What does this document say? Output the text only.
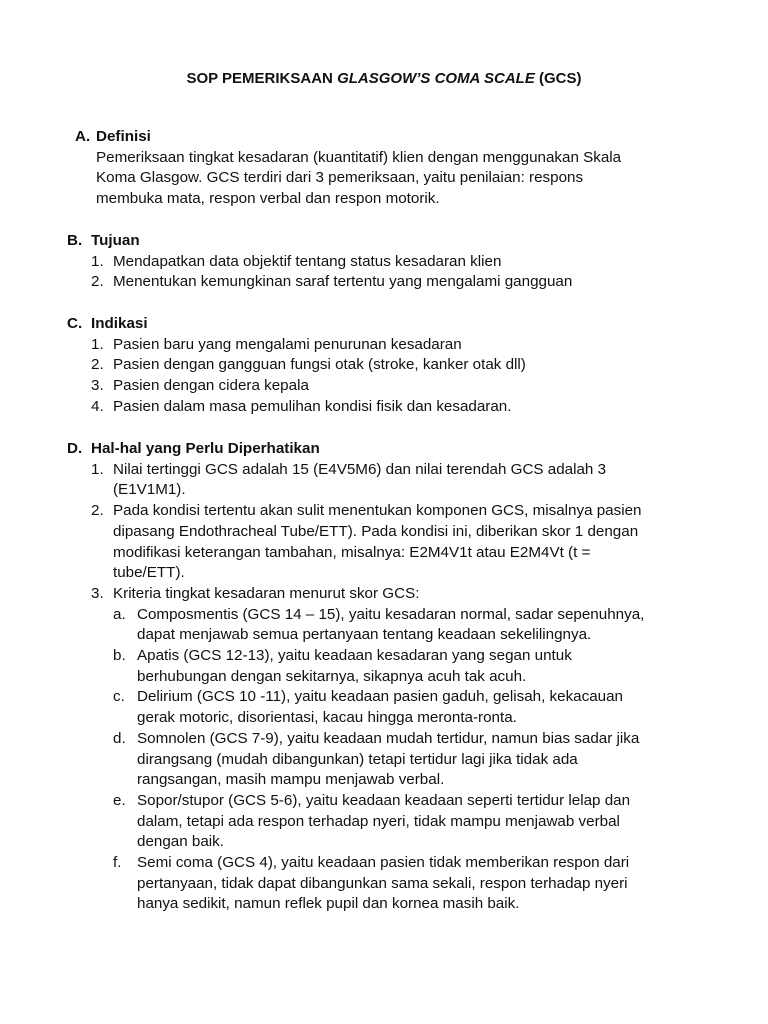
SOP PEMERIKSAAN GLASGOW’S COMA SCALE (GCS)
A. Definisi
Pemeriksaan tingkat kesadaran (kuantitatif) klien dengan menggunakan Skala
Koma Glasgow. GCS terdiri dari 3 pemeriksaan, yaitu penilaian: respons
membuka mata, respon verbal dan respon motorik.
B. Tujuan
1. Mendapatkan data objektif tentang status kesadaran klien
2. Menentukan kemungkinan saraf tertentu yang mengalami gangguan
C. Indikasi
1. Pasien baru yang mengalami penurunan kesadaran
2. Pasien dengan gangguan fungsi otak (stroke, kanker otak dll)
3. Pasien dengan cidera kepala
4. Pasien dalam masa pemulihan kondisi fisik dan kesadaran.
D. Hal-hal yang Perlu Diperhatikan
1. Nilai tertinggi GCS adalah 15 (E4V5M6) dan nilai terendah GCS adalah 3
(E1V1M1).
2. Pada kondisi tertentu akan sulit menentukan komponen GCS, misalnya pasien
dipasang Endothracheal Tube/ETT). Pada kondisi ini, diberikan skor 1 dengan
modifikasi keterangan tambahan, misalnya: E2M4V1t atau E2M4Vt (t =
tube/ETT).
3. Kriteria tingkat kesadaran menurut skor GCS:
a. Composmentis (GCS 14 – 15), yaitu kesadaran normal, sadar sepenuhnya,
dapat menjawab semua pertanyaan tentang keadaan sekelilingnya.
b. Apatis (GCS 12-13), yaitu keadaan kesadaran yang segan untuk
berhubungan dengan sekitarnya, sikapnya acuh tak acuh.
c. Delirium (GCS 10 -11), yaitu keadaan pasien gaduh, gelisah, kekacauan
gerak motoric, disorientasi, kacau hingga meronta-ronta.
d. Somnolen (GCS 7-9), yaitu keadaan mudah tertidur, namun bias sadar jika
dirangsang (mudah dibangunkan) tetapi tertidur lagi jika tidak ada
rangsangan, masih mampu menjawab verbal.
e. Sopor/stupor (GCS 5-6), yaitu keadaan keadaan seperti tertidur lelap dan
dalam, tetapi ada respon terhadap nyeri, tidak mampu menjawab verbal
dengan baik.
f. Semi coma (GCS 4), yaitu keadaan pasien tidak memberikan respon dari
pertanyaan, tidak dapat dibangunkan sama sekali, respon terhadap nyeri
hanya sedikit, namun reflek pupil dan kornea masih baik.
